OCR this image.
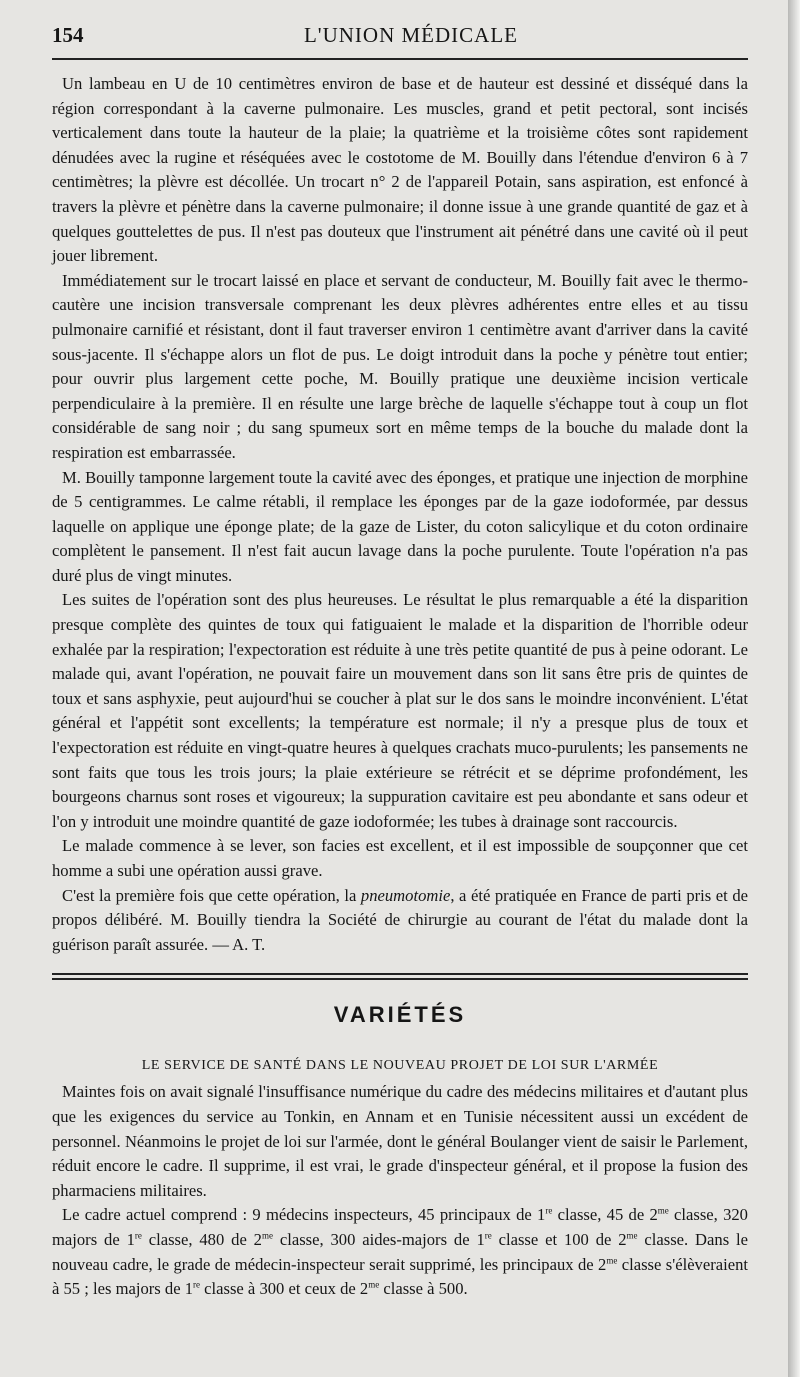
154	L'UNION MÉDICALE

Un lambeau en U de 10 centimètres environ de base et de hauteur est dessiné et disséqué dans la région correspondant à la caverne pulmonaire. Les muscles, grand et petit pectoral, sont incisés verticalement dans toute la hauteur de la plaie; la quatrième et la troisième côtes sont rapidement dénudées avec la rugine et réséquées avec le costotome de M. Bouilly dans l'étendue d'environ 6 à 7 centimètres; la plèvre est décollée. Un trocart n° 2 de l'appareil Potain, sans aspiration, est enfoncé à travers la plèvre et pénètre dans la caverne pulmonaire; il donne issue à une grande quantité de gaz et à quelques gouttelettes de pus. Il n'est pas douteux que l'instrument ait pénétré dans une cavité où il peut jouer librement.

Immédiatement sur le trocart laissé en place et servant de conducteur, M. Bouilly fait avec le thermo-cautère une incision transversale comprenant les deux plèvres adhérentes entre elles et au tissu pulmonaire carnifié et résistant, dont il faut traverser environ 1 centimètre avant d'arriver dans la cavité sous-jacente. Il s'échappe alors un flot de pus. Le doigt introduit dans la poche y pénètre tout entier; pour ouvrir plus largement cette poche, M. Bouilly pratique une deuxième incision verticale perpendiculaire à la première. Il en résulte une large brèche de laquelle s'échappe tout à coup un flot considérable de sang noir ; du sang spumeux sort en même temps de la bouche du malade dont la respiration est embarrassée.

M. Bouilly tamponne largement toute la cavité avec des éponges, et pratique une injection de morphine de 5 centigrammes. Le calme rétabli, il remplace les éponges par de la gaze iodoformée, par dessus laquelle on applique une éponge plate; de la gaze de Lister, du coton salicylique et du coton ordinaire complètent le pansement. Il n'est fait aucun lavage dans la poche purulente. Toute l'opération n'a pas duré plus de vingt minutes.

Les suites de l'opération sont des plus heureuses. Le résultat le plus remarquable a été la disparition presque complète des quintes de toux qui fatiguaient le malade et la disparition de l'horrible odeur exhalée par la respiration; l'expectoration est réduite à une très petite quantité de pus à peine odorant. Le malade qui, avant l'opération, ne pouvait faire un mouvement dans son lit sans être pris de quintes de toux et sans asphyxie, peut aujourd'hui se coucher à plat sur le dos sans le moindre inconvénient. L'état général et l'appétit sont excellents; la température est normale; il n'y a presque plus de toux et l'expectoration est réduite en vingt-quatre heures à quelques crachats muco-purulents; les pansements ne sont faits que tous les trois jours; la plaie extérieure se rétrécit et se déprime profondément, les bourgeons charnus sont roses et vigoureux; la suppuration cavitaire est peu abondante et sans odeur et l'on y introduit une moindre quantité de gaze iodoformée; les tubes à drainage sont raccourcis.

Le malade commence à se lever, son facies est excellent, et il est impossible de soupçonner que cet homme a subi une opération aussi grave.

C'est la première fois que cette opération, la pneumotomie, a été pratiquée en France de parti pris et de propos délibéré. M. Bouilly tiendra la Société de chirurgie au courant de l'état du malade dont la guérison paraît assurée. — A. T.

VARIÉTÉS
LE SERVICE DE SANTÉ DANS LE NOUVEAU PROJET DE LOI SUR L'ARMÉE

Maintes fois on avait signalé l'insuffisance numérique du cadre des médecins militaires et d'autant plus que les exigences du service au Tonkin, en Annam et en Tunisie nécessitent aussi un excédent de personnel. Néanmoins le projet de loi sur l'armée, dont le général Boulanger vient de saisir le Parlement, réduit encore le cadre. Il supprime, il est vrai, le grade d'inspecteur général, et il propose la fusion des pharmaciens militaires.

Le cadre actuel comprend : 9 médecins inspecteurs, 45 principaux de 1re classe, 45 de $2^{me}$ classe, 320 majors de 1re classe, 480 de $2^{me}$ classe, 300 aides-majors de 1re classe et 100 de $2^{me}$ classe. Dans le nouveau cadre, le grade de médecin-inspecteur serait supprimé, les principaux de $2^{me}$ classe s'élèveraient à 55 ; les majors de 1re classe à 300 et ceux de $2^{me}$ classe à 500.
